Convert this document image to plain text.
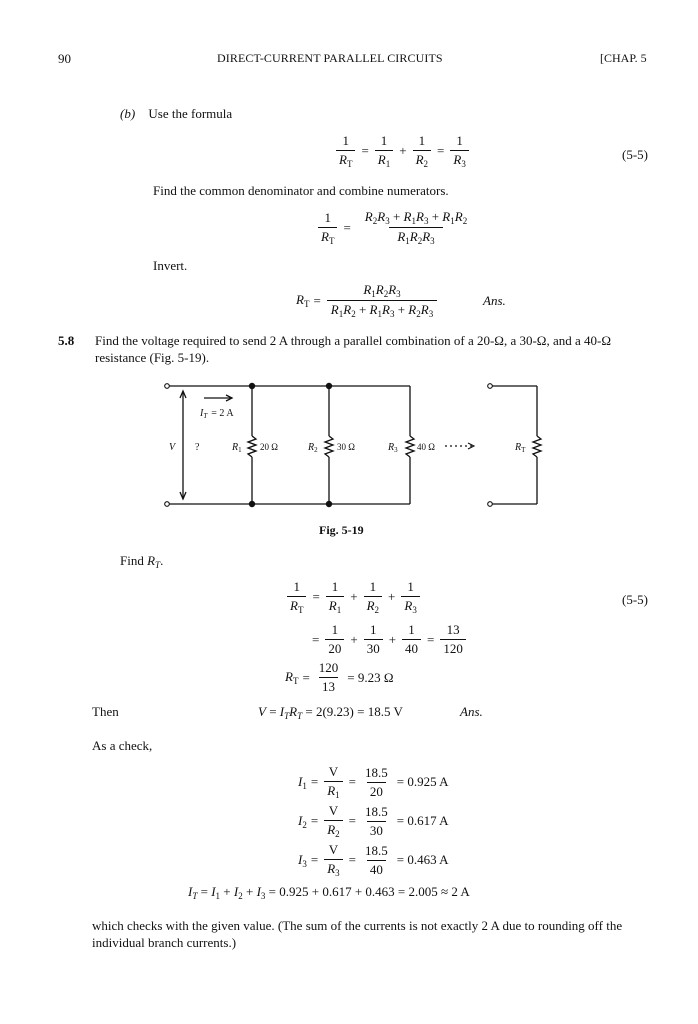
90	DIRECT-CURRENT PARALLEL CIRCUITS	[CHAP. 5
(b) Use the formula
$\frac{1}{R_T} = \frac{1}{R_1} + \frac{1}{R_2} = \frac{1}{R_3}$	(5-5)
Find the common denominator and combine numerators.
$\frac{1}{R_T} = \frac{R_2R_3 + R_1R_3 + R_1R_2}{R_1R_2R_3}$
Invert.
$R_T = \frac{R_1R_2R_3}{R_1R_2 + R_1R_3 + R_2R_3}$	Ans.
5.8 Find the voltage required to send 2 A through a parallel combination of a 20-Ω, a 30-Ω, and a 40-Ω resistance (Fig. 5-19).
$I_T = 2$ A
V ?	$R_1$ 20 Ω	$R_2$ 30 Ω	$R_3$ 40 Ω	$R_T$
Fig. 5-19
Find $R_T$.
$\frac{1}{R_T} = \frac{1}{R_1} + \frac{1}{R_2} + \frac{1}{R_3}$	(5-5)
= $\frac{1}{20} + \frac{1}{30} + \frac{1}{40} = \frac{13}{120}$
$R_T = \frac{120}{13} = 9.23$ Ω
Then	$V = I_TR_T = 2(9.23) = 18.5$ V	Ans.
As a check,
$I_1 = \frac{V}{R_1} = \frac{18.5}{20} = 0.925$ A
$I_2 = \frac{V}{R_2} = \frac{18.5}{30} = 0.617$ A
$I_3 = \frac{V}{R_3} = \frac{18.5}{40} = 0.463$ A
$I_T = I_1 + I_2 + I_3 = 0.925 + 0.617 + 0.463 = 2.005 \approx 2$ A
which checks with the given value. (The sum of the currents is not exactly 2 A due to rounding off the individual branch currents.)
